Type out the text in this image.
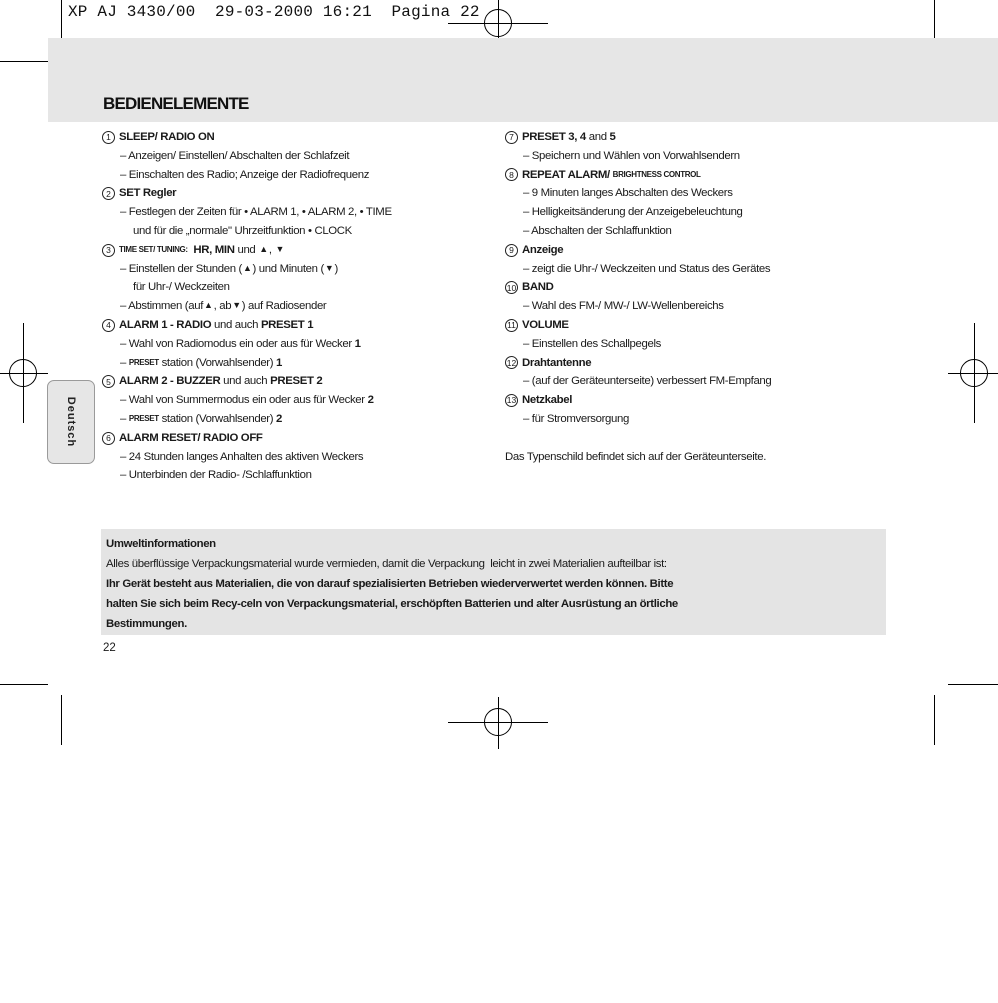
XP AJ 3430/00 29-03-2000 16:21 Pagina 22
BEDIENELEMENTE
Deutsch
1 SLEEP/ RADIO ON
– Anzeigen/ Einstellen/ Abschalten der Schlafzeit
– Einschalten des Radio; Anzeige der Radiofrequenz
2 SET Regler
– Festlegen der Zeiten für • ALARM 1, • ALARM 2, • TIME
und für die „normale" Uhrzeitfunktion • CLOCK
3	TIME SET/ TUNING:
HR ,
MIN
und
▲ ,
▼
– Einstellen der Stunden ( ▲ ) und Minuten ( ▼ )
für Uhr-/ Weckzeiten
– Abstimmen (auf ▲ , ab ▼ ) auf Radiosender
4 ALARM 1 - RADIO
und auch
PRESET 1
– Wahl von Radiomodus ein oder aus für Wecker
1
–
PRESET
station (Vorwahlsender)
1
5 ALARM 2 - BUZZER
und auch
PRESET 2
– Wahl von Summermodus ein oder aus für Wecker
2
–
PRESET
station (Vorwahlsender)
2
6 ALARM RESET/ RADIO OFF
– 24 Stunden langes Anhalten des aktiven Weckers
– Unterbinden der Radio- /Schlaffunktion
7 PRESET 3, 4
and
5
– Speichern und Wählen von Vorwahlsendern
8 REPEAT ALARM/
BRIGHTNESS CONTROL
– 9 Minuten langes Abschalten des Weckers
– Helligkeitsänderung der Anzeigebeleuchtung
– Abschalten der Schlaffunktion
9 Anzeige
– zeigt die Uhr-/ Weckzeiten und Status des Gerätes
10 BAND
– Wahl des FM-/ MW-/ LW-Wellenbereichs
11 VOLUME
– Einstellen des Schallpegels
12 Drahtantenne
– (auf der Geräteunterseite) verbessert FM-Empfang
13 Netzkabel
– für Stromversorgung
Das Typenschild befindet sich auf der Geräteunterseite.
Umweltinformationen
Alles überflüssige Verpackungsmaterial wurde vermieden, damit die Verpackung  leicht in zwei Materialien aufteilbar ist:
Ihr Gerät besteht aus Materialien, die von darauf spezialisierten Betrieben wiederverwertet werden können. Bitte
halten Sie sich beim Recy-celn von Verpackungsmaterial, erschöpften Batterien und alter Ausrüstung an örtliche
Bestimmungen.
22
